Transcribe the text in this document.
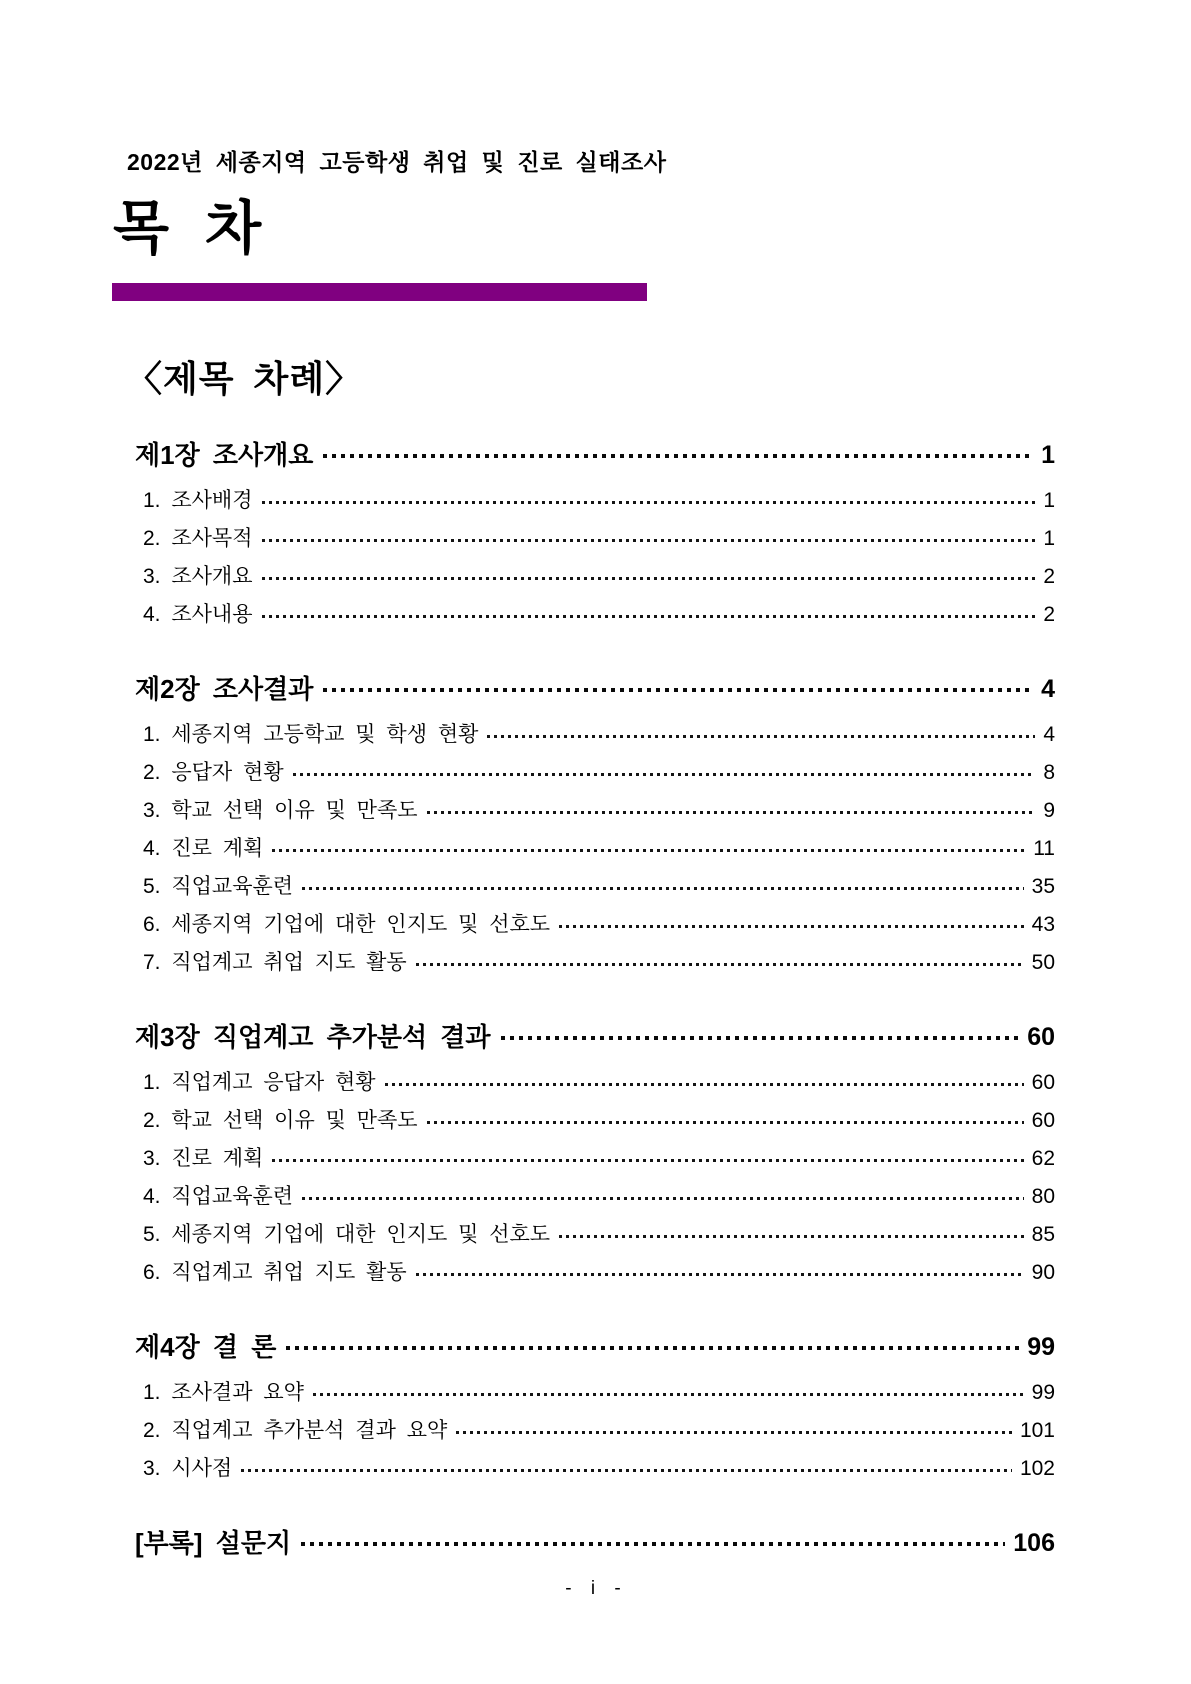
2022년 세종지역 고등학생 취업 및 진로 실태조사
목 차
〈제목 차례〉
제1장 조사개요	1
1. 조사배경	1
2. 조사목적	1
3. 조사개요	2
4. 조사내용	2
제2장 조사결과	4
1. 세종지역 고등학교 및 학생 현황	4
2. 응답자 현황	8
3. 학교 선택 이유 및 만족도	9
4. 진로 계획	11
5. 직업교육훈련	35
6. 세종지역 기업에 대한 인지도 및 선호도	43
7. 직업계고 취업 지도 활동	50
제3장 직업계고 추가분석 결과	60
1. 직업계고 응답자 현황	60
2. 학교 선택 이유 및 만족도	60
3. 진로 계획	62
4. 직업교육훈련	80
5. 세종지역 기업에 대한 인지도 및 선호도	85
6. 직업계고 취업 지도 활동	90
제4장 결 론	99
1. 조사결과 요약	99
2. 직업계고 추가분석 결과 요약	101
3. 시사점	102
[부록] 설문지	106
- i -
